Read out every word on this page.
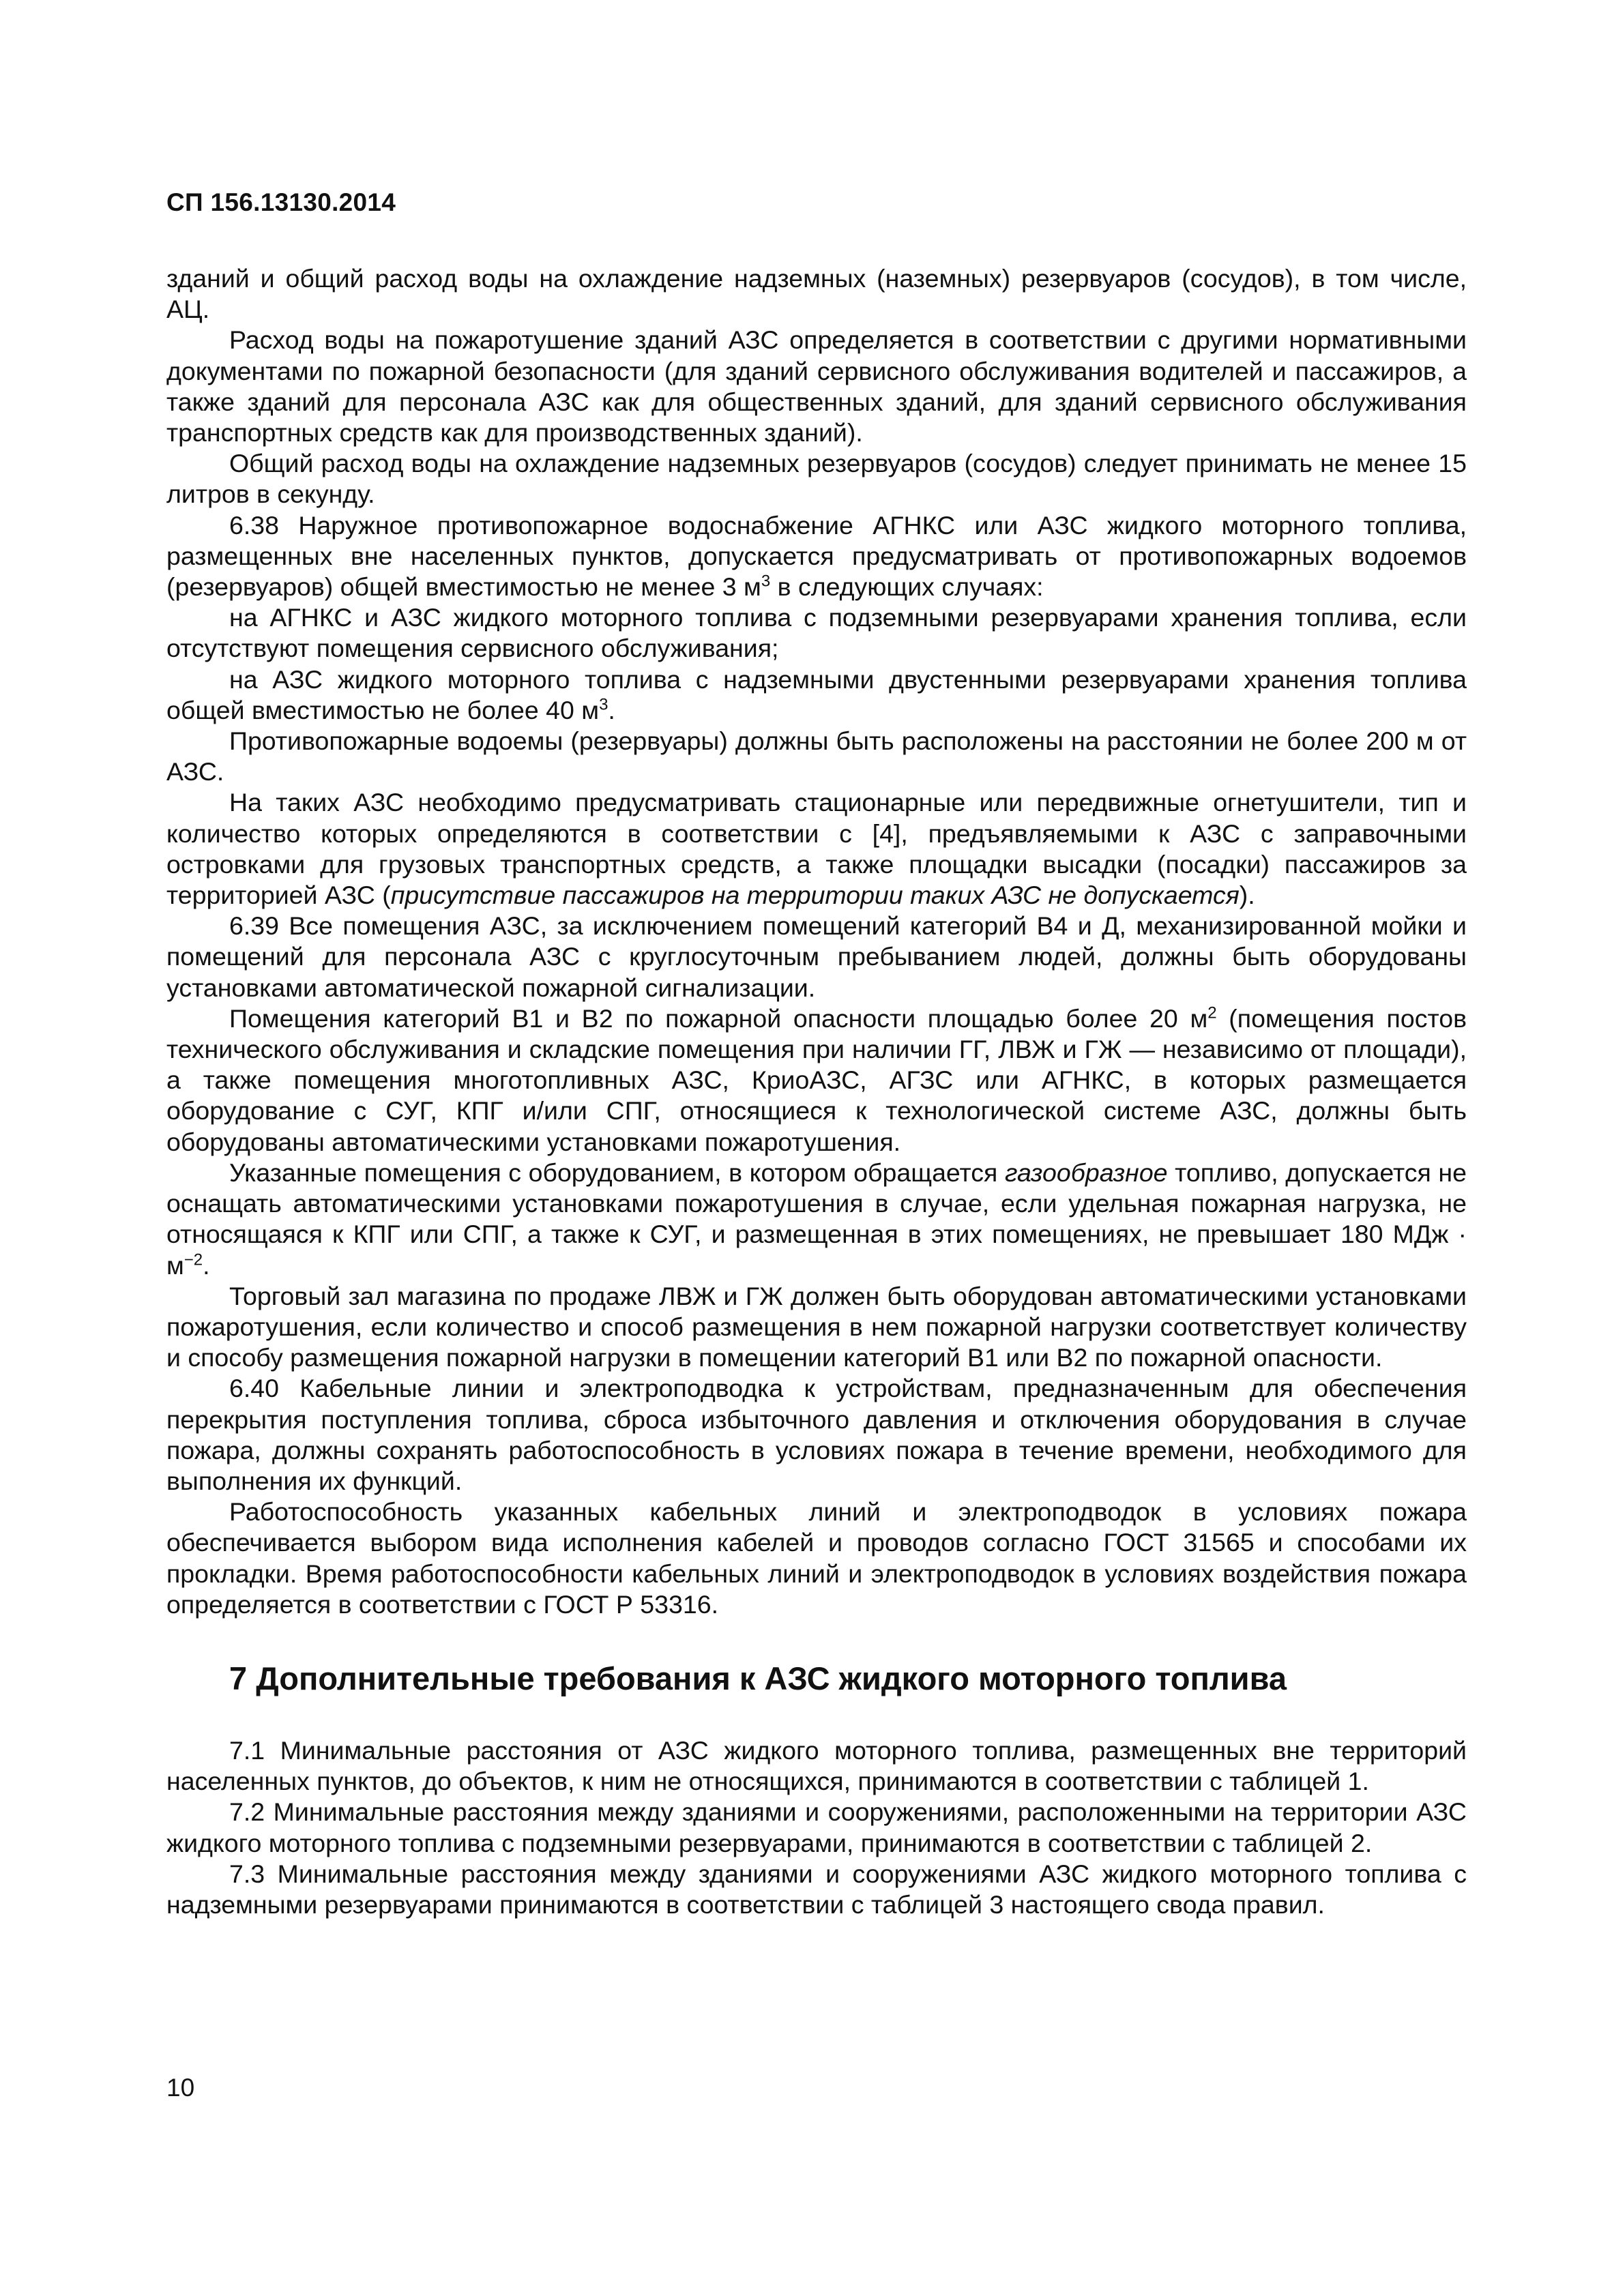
СП 156.13130.2014

зданий и общий расход воды на охлаждение надземных (наземных) резервуаров (сосудов), в том числе, АЦ.

Расход воды на пожаротушение зданий АЗС определяется в соответствии с другими нормативными документами по пожарной безопасности (для зданий сервисного обслуживания водителей и пассажиров, а также зданий для персонала АЗС как для общественных зданий, для зданий сервисного обслуживания транспортных средств как для производственных зданий).

Общий расход воды на охлаждение надземных резервуаров (сосудов) следует принимать не менее 15 литров в секунду.

6.38 Наружное противопожарное водоснабжение АГНКС или АЗС жидкого моторного топлива, размещенных вне населенных пунктов, допускается предусматривать от противопожарных водоемов (резервуаров) общей вместимостью не менее 3 $м^3$ в следующих случаях:

на АГНКС и АЗС жидкого моторного топлива с подземными резервуарами хранения топлива, если отсутствуют помещения сервисного обслуживания;

на АЗС жидкого моторного топлива с надземными двустенными резервуарами хранения топлива общей вместимостью не более 40 $м^3$.

Противопожарные водоемы (резервуары) должны быть расположены на расстоянии не более 200 м от АЗС.

На таких АЗС необходимо предусматривать стационарные или передвижные огнетушители, тип и количество которых определяются в соответствии с [4], предъявляемыми к АЗС с заправочными островками для грузовых транспортных средств, а также площадки высадки (посадки) пассажиров за территорией АЗС (присутствие пассажиров на территории таких АЗС не допускается).

6.39 Все помещения АЗС, за исключением помещений категорий В4 и Д, механизированной мойки и помещений для персонала АЗС с круглосуточным пребыванием людей, должны быть оборудованы установками автоматической пожарной сигнализации.

Помещения категорий В1 и В2 по пожарной опасности площадью более 20 $м^2$ (помещения постов технического обслуживания и складские помещения при наличии ГГ, ЛВЖ и ГЖ — независимо от площади), а также помещения многотопливных АЗС, КриоАЗС, АГЗС или АГНКС, в которых размещается оборудование с СУГ, КПГ и/или СПГ, относящиеся к технологической системе АЗС, должны быть оборудованы автоматическими установками пожаротушения.

Указанные помещения с оборудованием, в котором обращается газообразное топливо, допускается не оснащать автоматическими установками пожаротушения в случае, если удельная пожарная нагрузка, не относящаяся к КПГ или СПГ, а также к СУГ, и размещенная в этих помещениях, не превышает 180 МДж · $м^{-2}$.

Торговый зал магазина по продаже ЛВЖ и ГЖ должен быть оборудован автоматическими установками пожаротушения, если количество и способ размещения в нем пожарной нагрузки соответствует количеству и способу размещения пожарной нагрузки в помещении категорий В1 или В2 по пожарной опасности.

6.40 Кабельные линии и электроподводка к устройствам, предназначенным для обеспечения перекрытия поступления топлива, сброса избыточного давления и отключения оборудования в случае пожара, должны сохранять работоспособность в условиях пожара в течение времени, необходимого для выполнения их функций.

Работоспособность указанных кабельных линий и электроподводок в условиях пожара обеспечивается выбором вида исполнения кабелей и проводов согласно ГОСТ 31565 и способами их прокладки. Время работоспособности кабельных линий и электроподводок в условиях воздействия пожара определяется в соответствии с ГОСТ Р 53316.

7 Дополнительные требования к АЗС жидкого моторного топлива

7.1 Минимальные расстояния от АЗС жидкого моторного топлива, размещенных вне территорий населенных пунктов, до объектов, к ним не относящихся, принимаются в соответствии с таблицей 1.

7.2 Минимальные расстояния между зданиями и сооружениями, расположенными на территории АЗС жидкого моторного топлива с подземными резервуарами, принимаются в соответствии с таблицей 2.

7.3 Минимальные расстояния между зданиями и сооружениями АЗС жидкого моторного топлива с надземными резервуарами принимаются в соответствии с таблицей 3 настоящего свода правил.

10
